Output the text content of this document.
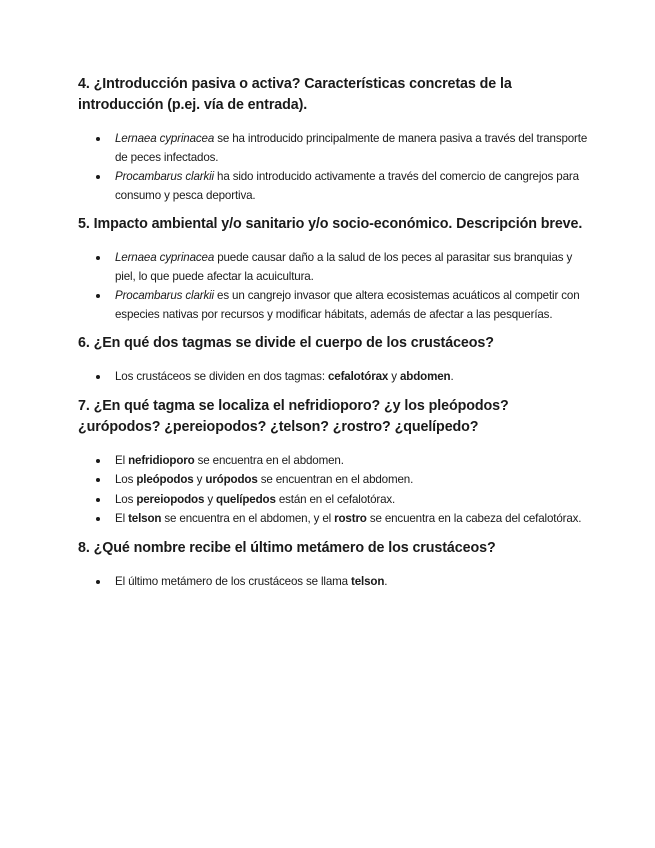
4. ¿Introducción pasiva o activa? Características concretas de la introducción (p.ej. vía de entrada).
Lernaea cyprinacea se ha introducido principalmente de manera pasiva a través del transporte de peces infectados.
Procambarus clarkii ha sido introducido activamente a través del comercio de cangrejos para consumo y pesca deportiva.
5. Impacto ambiental y/o sanitario y/o socio-económico. Descripción breve.
Lernaea cyprinacea puede causar daño a la salud de los peces al parasitar sus branquias y piel, lo que puede afectar la acuicultura.
Procambarus clarkii es un cangrejo invasor que altera ecosistemas acuáticos al competir con especies nativas por recursos y modificar hábitats, además de afectar a las pesquerías.
6. ¿En qué dos tagmas se divide el cuerpo de los crustáceos?
Los crustáceos se dividen en dos tagmas: cefalotórax y abdomen.
7. ¿En qué tagma se localiza el nefridioporo? ¿y los pleópodos? ¿urópodos? ¿pereiopodos? ¿telson? ¿rostro? ¿quelípedo?
El nefridioporo se encuentra en el abdomen.
Los pleópodos y urópodos se encuentran en el abdomen.
Los pereiopodos y quelípedos están en el cefalotórax.
El telson se encuentra en el abdomen, y el rostro se encuentra en la cabeza del cefalotórax.
8. ¿Qué nombre recibe el último metámero de los crustáceos?
El último metámero de los crustáceos se llama telson.
